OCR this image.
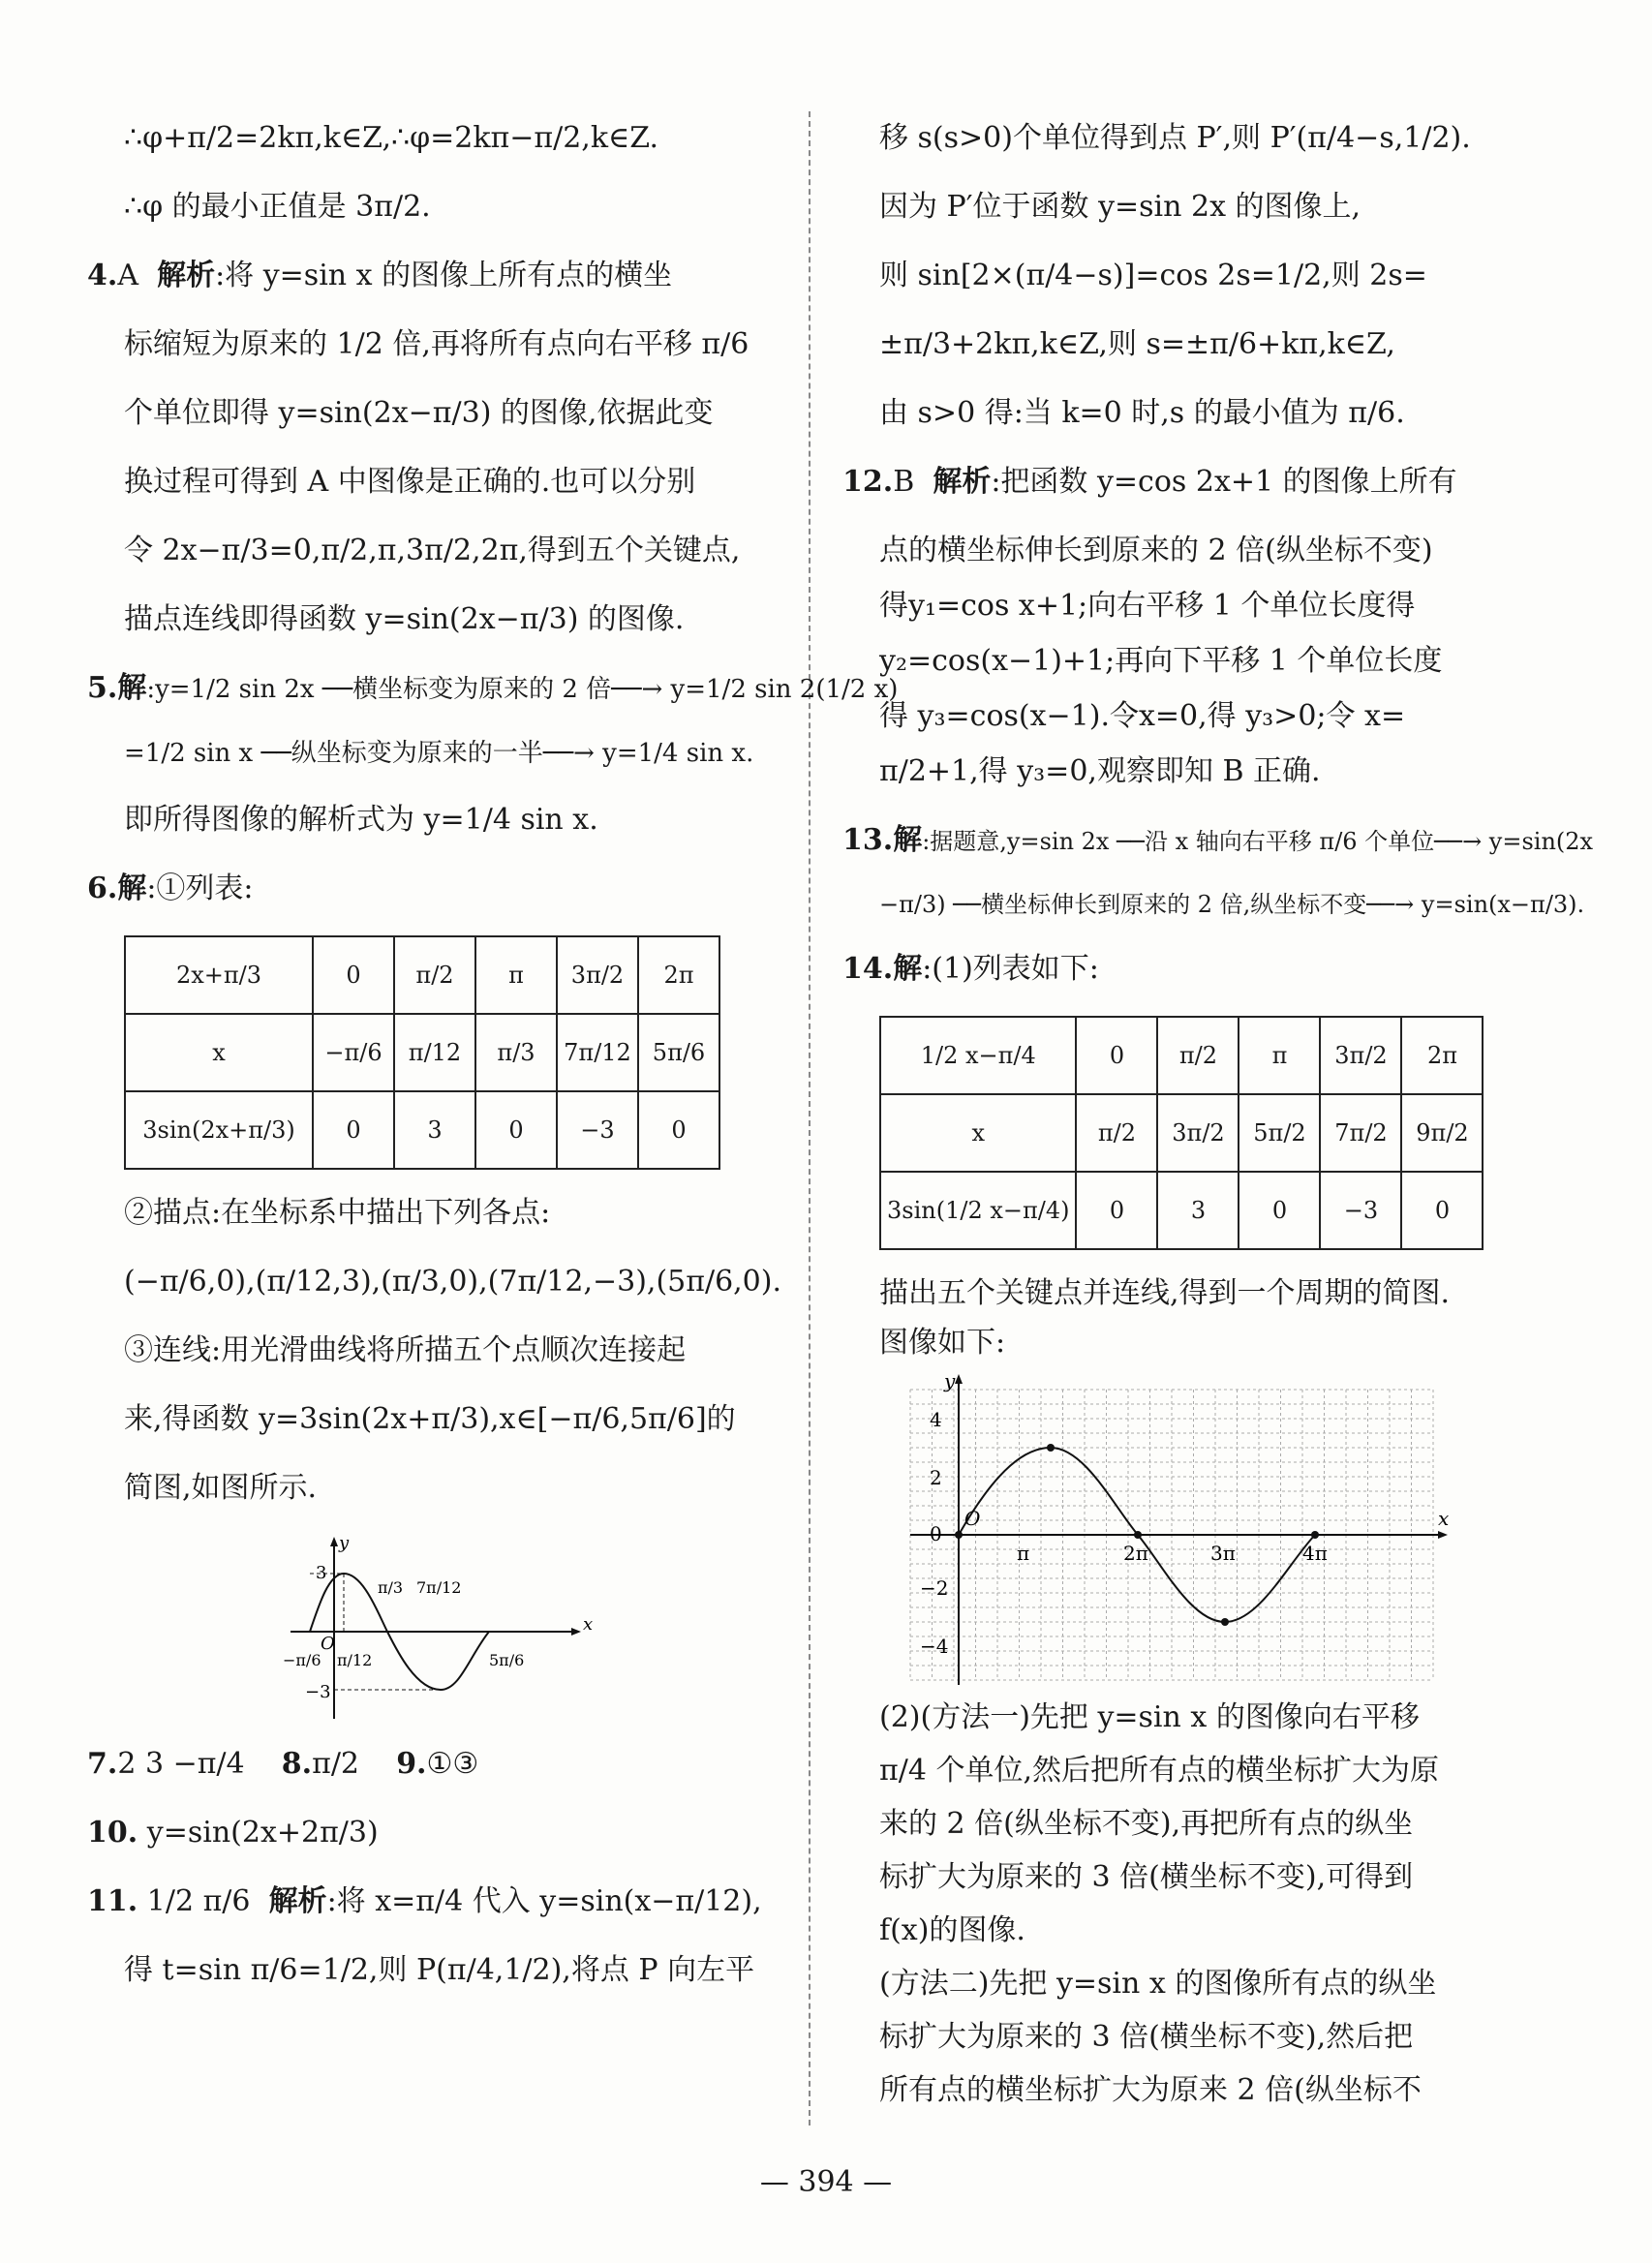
∴φ+π/2=2kπ,k∈Z,∴φ=2kπ−π/2,k∈Z.
∴φ 的最小正值是 3π/2.
4.A 解析:将 y=sin x 的图像上所有点的横坐
标缩短为原来的 1/2 倍,再将所有点向右平移 π/6
个单位即得 y=sin(2x−π/3) 的图像,依据此变
换过程可得到 A 中图像是正确的.也可以分别
令 2x−π/3=0,π/2,π,3π/2,2π,得到五个关键点,
描点连线即得函数 y=sin(2x−π/3) 的图像.
5.解:y=1/2 sin 2x ──横坐标变为原来的 2 倍──→ y=1/2 sin 2(1/2 x)
=1/2 sin x ──纵坐标变为原来的一半──→ y=1/4 sin x.
即所得图像的解析式为 y=1/4 sin x.
6.解:①列表:
2x+π/3	0	π/2	π	3π/2	2π
x	−π/6	π/12	π/3	7π/12	5π/6
3sin(2x+π/3)	0	3	0	−3	0
②描点:在坐标系中描出下列各点:
(−π/6,0),(π/12,3),(π/3,0),(7π/12,−3),(5π/6,0).
③连线:用光滑曲线将所描五个点顺次连接起
来,得函数 y=3sin(2x+π/3),x∈[−π/6,5π/6]的
简图,如图所示.
y
x
3
−3
O
−π/6 π/12
π/3 7π/12
5π/6
7.2 3 −π/4 8.π/2 9.①③
10. y=sin(2x+2π/3)
11. 1/2 π/6 解析:将 x=π/4 代入 y=sin(x−π/12),
得 t=sin π/6=1/2,则 P(π/4,1/2),将点 P 向左平
移 s(s>0)个单位得到点 P′,则 P′(π/4−s,1/2).
因为 P′位于函数 y=sin 2x 的图像上,
则 sin[2×(π/4−s)]=cos 2s=1/2,则 2s=
±π/3+2kπ,k∈Z,则 s=±π/6+kπ,k∈Z,
由 s>0 得:当 k=0 时,s 的最小值为 π/6.
12.B 解析:把函数 y=cos 2x+1 的图像上所有
点的横坐标伸长到原来的 2 倍(纵坐标不变)
得y₁=cos x+1;向右平移 1 个单位长度得
y₂=cos(x−1)+1;再向下平移 1 个单位长度
得 y₃=cos(x−1).令x=0,得 y₃>0;令 x=
π/2+1,得 y₃=0,观察即知 B 正确.
13.解:据题意,y=sin 2x ──沿 x 轴向右平移 π/6 个单位──→ y=sin(2x
−π/3) ──横坐标伸长到原来的 2 倍,纵坐标不变──→ y=sin(x−π/3).
14.解:(1)列表如下:
1/2 x−π/4	0	π/2	π	3π/2	2π
x	π/2	3π/2	5π/2	7π/2	9π/2
3sin(1/2 x−π/4)	0	3	0	−3	0
描出五个关键点并连线,得到一个周期的简图.
图像如下:
y
x
4
2
0
O
−2
−4
π	2π	3π	4π
(2)(方法一)先把 y=sin x 的图像向右平移
π/4 个单位,然后把所有点的横坐标扩大为原
来的 2 倍(纵坐标不变),再把所有点的纵坐
标扩大为原来的 3 倍(横坐标不变),可得到
f(x)的图像.
(方法二)先把 y=sin x 的图像所有点的纵坐
标扩大为原来的 3 倍(横坐标不变),然后把
所有点的横坐标扩大为原来 2 倍(纵坐标不
— 394 —
